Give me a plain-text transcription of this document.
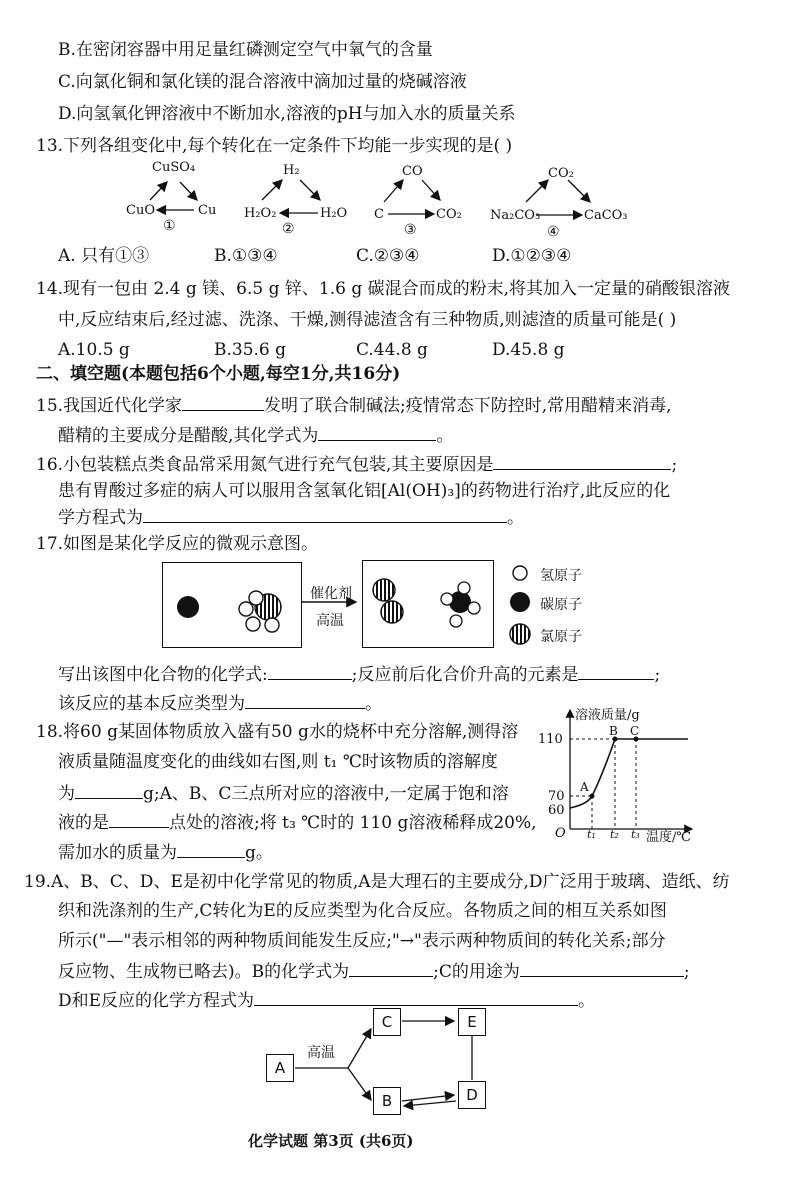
B.在密闭容器中用足量红磷测定空气中氧气的含量
C.向氯化铜和氯化镁的混合溶液中滴加过量的烧碱溶液
D.向氢氧化钾溶液中不断加水,溶液的pH与加入水的质量关系
13.下列各组变化中,每个转化在一定条件下均能一步实现的是( )
CuSO₄
CuO	Cu
①
H₂
H₂O₂	H₂O
②
CO
C	CO₂
③
CO₂
Na₂CO₃	CaCO₃
④
A. 只有①③	B.①③④	C.②③④	D.①②③④
14.现有一包由 2.4 g 镁、6.5 g 锌、1.6 g 碳混合而成的粉末,将其加入一定量的硝酸银溶液
中,反应结束后,经过滤、洗涤、干燥,测得滤渣含有三种物质,则滤渣的质量可能是( )
A.10.5 g	B.35.6 g	C.44.8 g	D.45.8 g
二、填空题(本题包括6个小题,每空1分,共16分)
15.我国近代化学家	发明了联合制碱法;疫情常态下防控时,常用醋精来消毒,
醋精的主要成分是醋酸,其化学式为	。
16.小包装糕点类食品常采用氮气进行充气包装,其主要原因是	;
患有胃酸过多症的病人可以服用含氢氧化铝[Al(OH)₃]的药物进行治疗,此反应的化
学方程式为	。
17.如图是某化学反应的微观示意图。
催化剂
高温
氢原子
碳原子
氯原子
写出该图中化合物的化学式:	;反应前后化合价升高的元素是	;
该反应的基本反应类型为	。
18.将60 g某固体物质放入盛有50 g水的烧杯中充分溶解,测得溶
液质量随温度变化的曲线如右图,则 t₁ ℃时该物质的溶解度
为	g;A、B、C三点所对应的溶液中,一定属于饱和溶
液的是	点处的溶液;将 t₃ ℃时的 110 g溶液稀释成20%,
需加水的质量为	g。
溶液质量/g
110
70
60
O t₁ t₂ t₃ 温度/℃
A
B C
19.A、B、C、D、E是初中化学常见的物质,A是大理石的主要成分,D广泛用于玻璃、造纸、纺
织和洗涤剂的生产,C转化为E的反应类型为化合反应。各物质之间的相互关系如图
所示("—"表示相邻的两种物质间能发生反应;"→"表示两种物质间的转化关系;部分
反应物、生成物已略去)。B的化学式为	;C的用途为	;
D和E反应的化学方程式为	。
A
C	E
B	D
高温
化学试题 第3页 (共6页)
